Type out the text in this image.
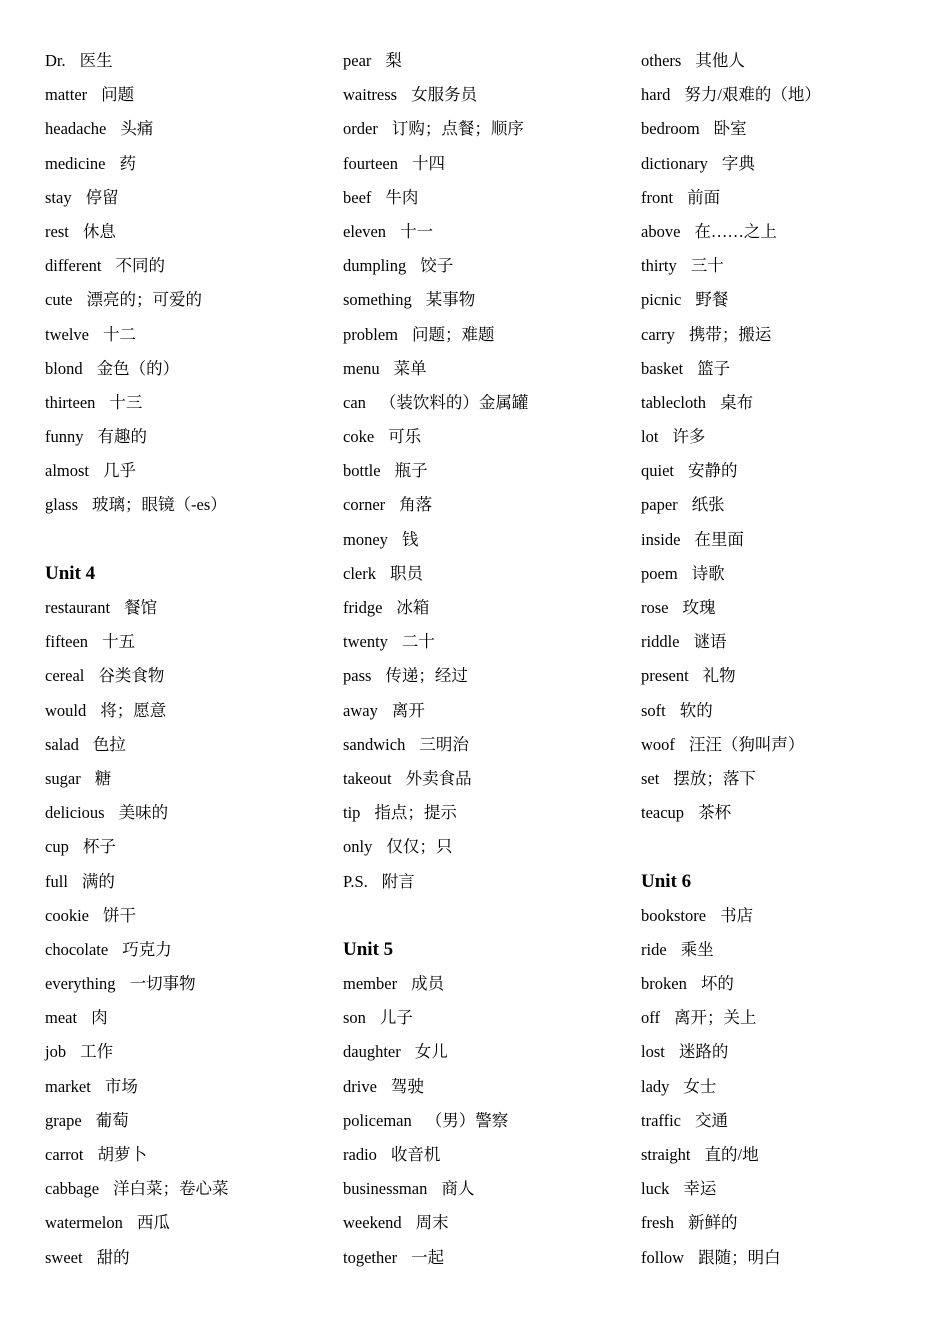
Dr. 医生
matter 问题
headache 头痛
medicine 药
stay 停留
rest 休息
different 不同的
cute 漂亮的；可爱的
twelve 十二
blond 金色（的）
thirteen 十三
funny 有趣的
almost 几乎
glass 玻璃；眼镜（-es）
Unit 4
restaurant 餐馆
fifteen 十五
cereal 谷类食物
would 将；愿意
salad 色拉
sugar 糖
delicious 美味的
cup 杯子
full 满的
cookie 饼干
chocolate 巧克力
everything 一切事物
meat 肉
job 工作
market 市场
grape 葡萄
carrot 胡萝卜
cabbage 洋白菜；卷心菜
watermelon 西瓜
sweet 甜的
pear 梨
waitress 女服务员
order 订购；点餐；顺序
fourteen 十四
beef 牛肉
eleven 十一
dumpling 饺子
something 某事物
problem 问题；难题
menu 菜单
can （装饮料的）金属罐
coke 可乐
bottle 瓶子
corner 角落
money 钱
clerk 职员
fridge 冰箱
twenty 二十
pass 传递；经过
away 离开
sandwich 三明治
takeout 外卖食品
tip 指点；提示
only 仅仅；只
P.S. 附言
Unit 5
member 成员
son 儿子
daughter 女儿
drive 驾驶
policeman （男）警察
radio 收音机
businessman 商人
weekend 周末
together 一起
others 其他人
hard 努力/艰难的（地）
bedroom 卧室
dictionary 字典
front 前面
above 在……之上
thirty 三十
picnic 野餐
carry 携带；搬运
basket 篮子
tablecloth 桌布
lot 许多
quiet 安静的
paper 纸张
inside 在里面
poem 诗歌
rose 玫瑰
riddle 谜语
present 礼物
soft 软的
woof 汪汪（狗叫声）
set 摆放；落下
teacup 茶杯
Unit 6
bookstore 书店
ride 乘坐
broken 坏的
off 离开；关上
lost 迷路的
lady 女士
traffic 交通
straight 直的/地
luck 幸运
fresh 新鲜的
follow 跟随；明白
